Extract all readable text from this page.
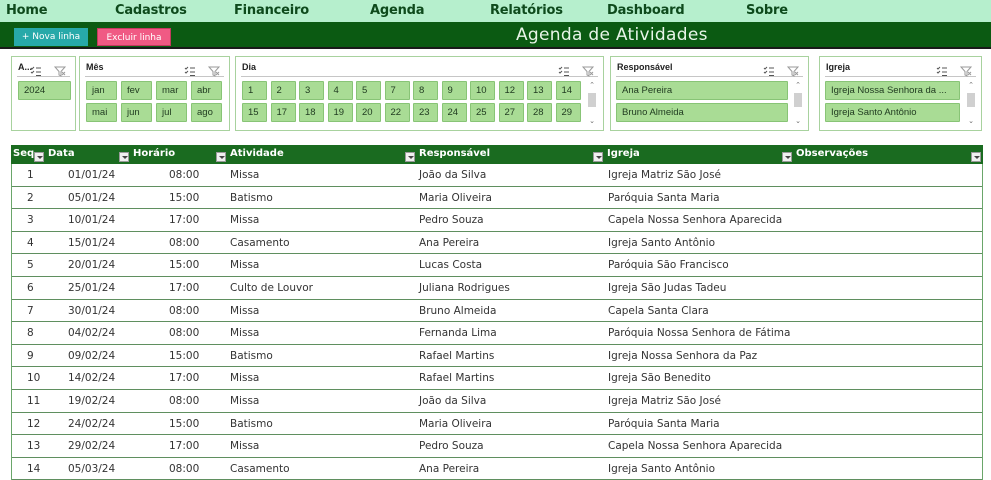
Home	Cadastros	Financeiro	Agenda	Relatórios	Dashboard	Sobre
+ Nova linha	Excluir linha	Agenda de Atividades
A...
2024
Mês
jan	fev	mar	abr
mai	jun	jul	ago
Dia
1	2	3	4	5	7	8	9	10	12	13	14
15	17	18	19	20	22	23	24	25	27	28	29
⌃
⌄
Responsável
Ana Pereira
Bruno Almeida
⌃
⌄
Igreja
Igreja Nossa Senhora da ...
Igreja Santo Antônio
⌃
⌄
Seq Data	Horário	Atividade	Responsável	Igreja	Observações
1	01/01/24	08:00	Missa	João da Silva	Igreja Matriz São José
2	05/01/24	15:00	Batismo	Maria Oliveira	Paróquia Santa Maria
3	10/01/24	17:00	Missa	Pedro Souza	Capela Nossa Senhora Aparecida
4	15/01/24	08:00	Casamento	Ana Pereira	Igreja Santo Antônio
5	20/01/24	15:00	Missa	Lucas Costa	Paróquia São Francisco
6	25/01/24	17:00	Culto de Louvor	Juliana Rodrigues	Igreja São Judas Tadeu
7	30/01/24	08:00	Missa	Bruno Almeida	Capela Santa Clara
8	04/02/24	08:00	Missa	Fernanda Lima	Paróquia Nossa Senhora de Fátima
9	09/02/24	15:00	Batismo	Rafael Martins	Igreja Nossa Senhora da Paz
10	14/02/24	17:00	Missa	Rafael Martins	Igreja São Benedito
11	19/02/24	08:00	Missa	João da Silva	Igreja Matriz São José
12	24/02/24	15:00	Batismo	Maria Oliveira	Paróquia Santa Maria
13	29/02/24	17:00	Missa	Pedro Souza	Capela Nossa Senhora Aparecida
14	05/03/24	08:00	Casamento	Ana Pereira	Igreja Santo Antônio
